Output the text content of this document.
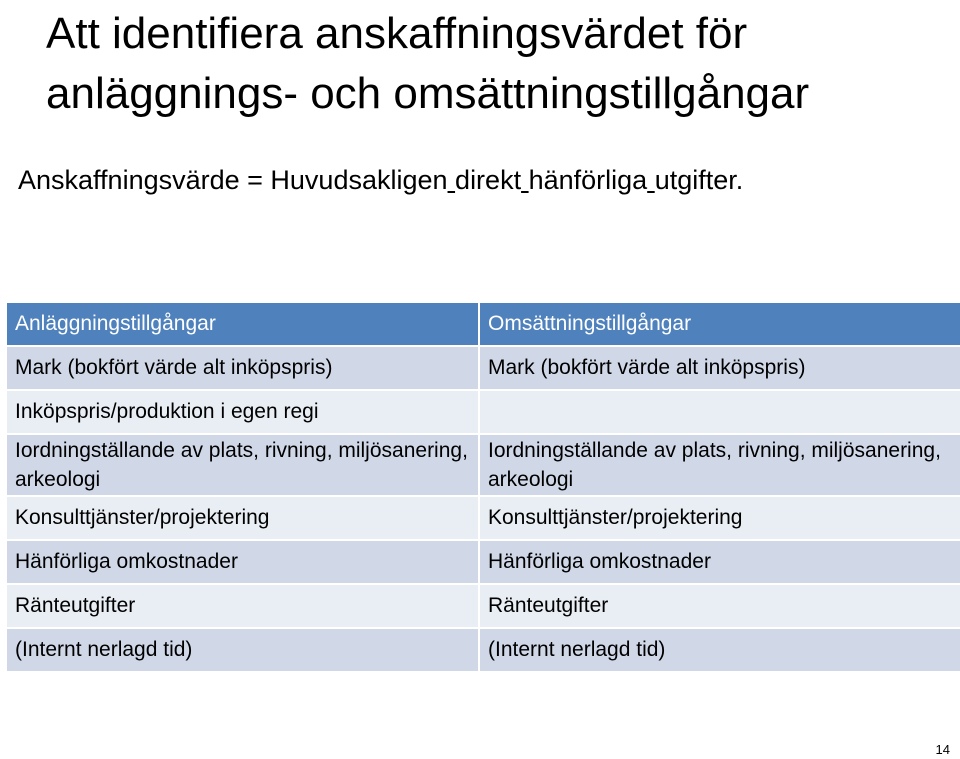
Att identifiera anskaffningsvärdet för anläggnings- och omsättningstillgångar

Anskaffningsvärde = Huvudsakligen direkt hänförliga utgifter.

Anläggningstillgångar	Omsättningstillgångar
Mark (bokfört värde alt inköpspris)	Mark (bokfört värde alt inköpspris)
Inköpspris/produktion i egen regi	
Iordningställande av plats, rivning, miljösanering, arkeologi	Iordningställande av plats, rivning, miljösanering, arkeologi
Konsulttjänster/projektering	Konsulttjänster/projektering
Hänförliga omkostnader	Hänförliga omkostnader
Ränteutgifter	Ränteutgifter
(Internt nerlagd tid)	(Internt nerlagd tid)
14
